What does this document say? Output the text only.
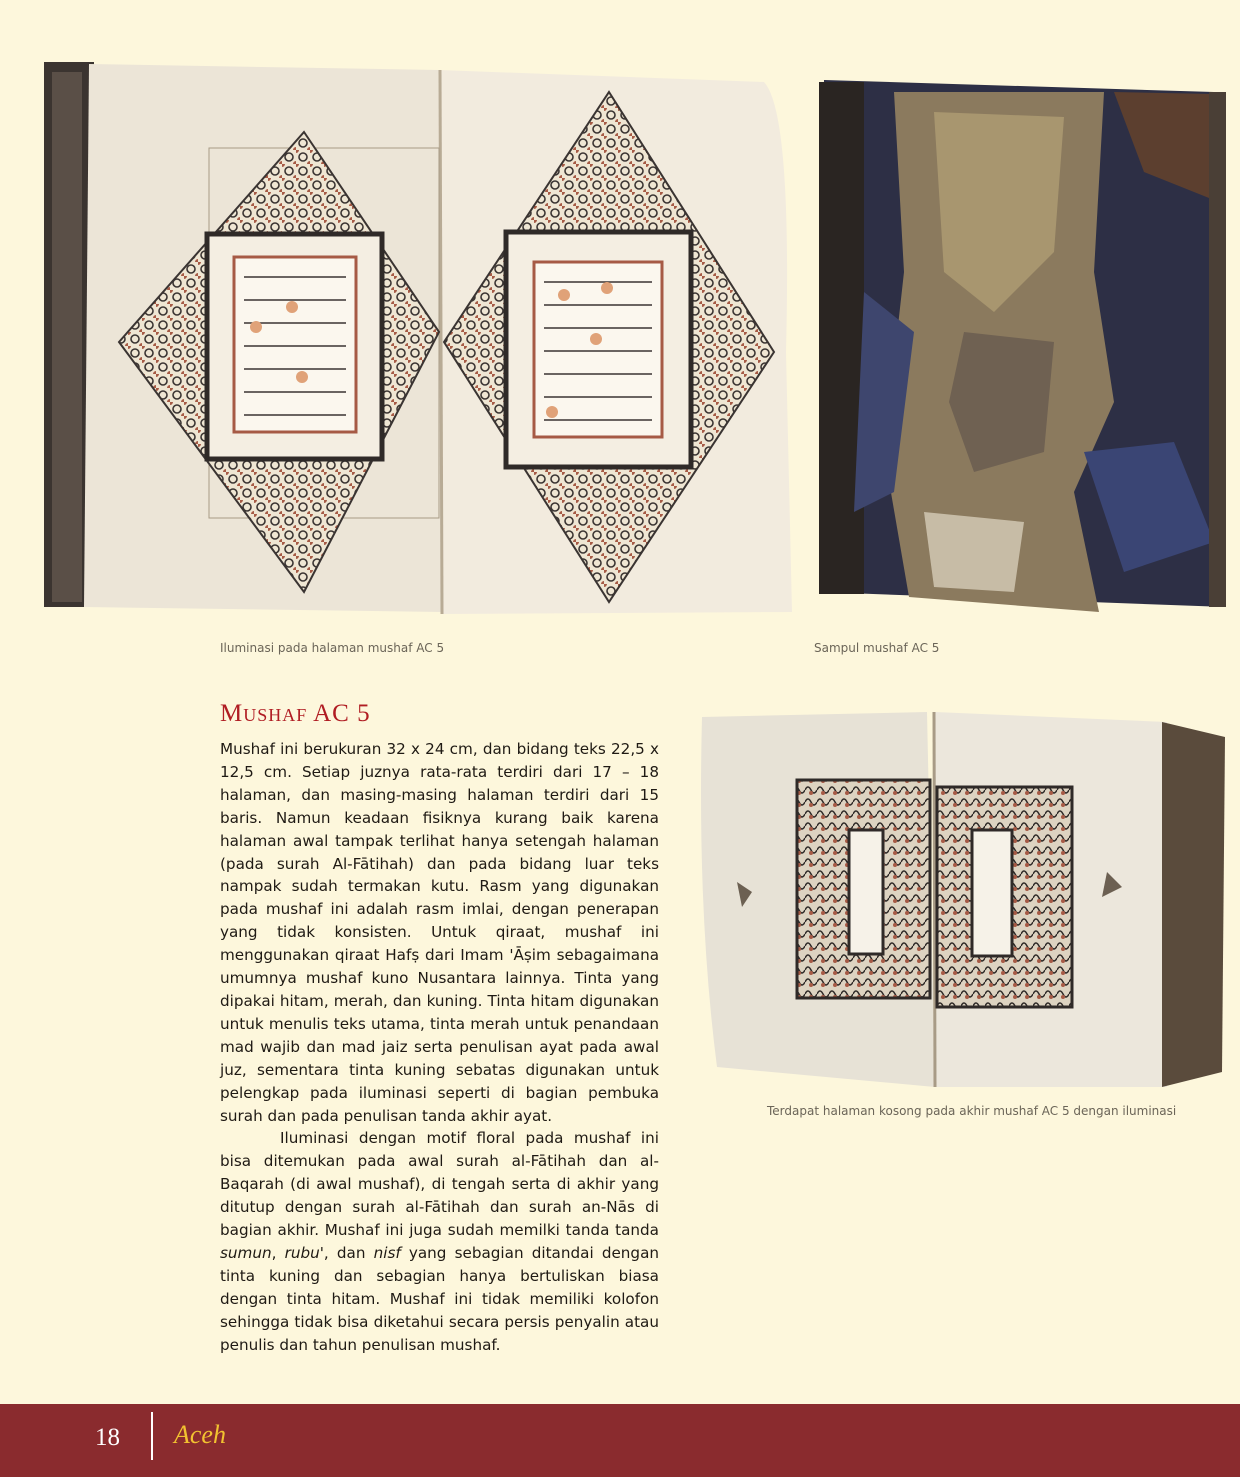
Iluminasi pada halaman mushaf AC 5	Sampul mushaf AC 5
Mushaf AC 5

Mushaf ini berukuran 32 x 24 cm, dan bidang teks 22,5 x 12,5 cm. Setiap juznya rata-rata terdiri dari 17 – 18 halaman, dan masing-masing halaman terdiri dari 15 baris. Namun keadaan fisiknya kurang baik karena halaman awal tampak terlihat hanya setengah halaman (pada surah Al-Fātihah) dan pada bidang luar teks nampak sudah termakan kutu. Rasm yang digunakan pada mushaf ini adalah rasm imlai, dengan penerapan yang tidak konsisten. Untuk qiraat, mushaf ini menggunakan qiraat Hafṣ dari Imam 'Āṣim sebagaimana umumnya mushaf kuno Nusantara lainnya. Tinta yang dipakai hitam, merah, dan kuning. Tinta hitam digunakan untuk menulis teks utama, tinta merah untuk penandaan mad wajib dan mad jaiz serta penulisan ayat pada awal juz, sementara tinta kuning sebatas digunakan untuk pelengkap pada iluminasi seperti di bagian pembuka surah dan pada penulisan tanda akhir ayat.

Iluminasi dengan motif floral pada mushaf ini bisa ditemukan pada awal surah al-Fātihah dan al-Baqarah (di awal mushaf), di tengah serta di akhir yang ditutup dengan surah al-Fātihah dan surah an-Nās di bagian akhir. Mushaf ini juga sudah memilki tanda tanda sumun, rubu', dan nisf yang sebagian ditandai dengan tinta kuning dan sebagian hanya bertuliskan biasa dengan tinta hitam. Mushaf ini tidak memiliki kolofon sehingga tidak bisa diketahui secara persis penyalin atau penulis dan tahun penulisan mushaf.

Terdapat halaman kosong pada akhir mushaf AC 5 dengan iluminasi
18 Aceh
